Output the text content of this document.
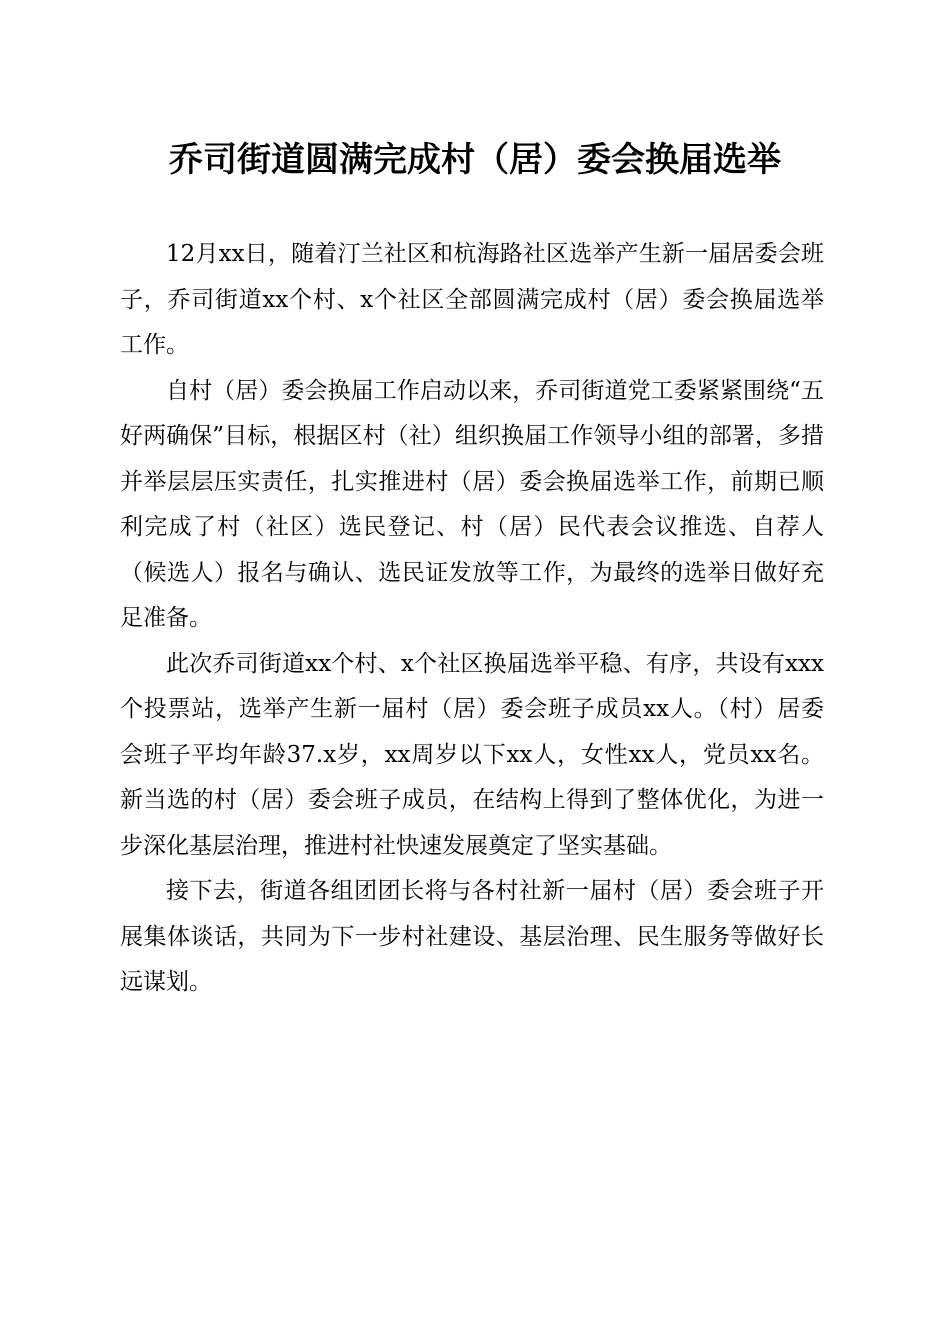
乔司街道圆满完成村（居）委会换届选举

12月xx日，随着汀兰社区和杭海路社区选举产生新一届居委会班子，乔司街道xx个村、x个社区全部圆满完成村（居）委会换届选举工作。

自村（居）委会换届工作启动以来，乔司街道党工委紧紧围绕“五好两确保”目标，根据区村（社）组织换届工作领导小组的部署，多措并举层层压实责任，扎实推进村（居）委会换届选举工作，前期已顺利完成了村（社区）选民登记、村（居）民代表会议推选、自荐人（候选人）报名与确认、选民证发放等工作，为最终的选举日做好充足准备。

此次乔司街道xx个村、x个社区换届选举平稳、有序，共设有xxx个投票站，选举产生新一届村（居）委会班子成员xx人。（村）居委会班子平均年龄37.x岁，xx周岁以下xx人，女性xx人，党员xx名。新当选的村（居）委会班子成员，在结构上得到了整体优化，为进一步深化基层治理，推进村社快速发展奠定了坚实基础。

接下去，街道各组团团长将与各村社新一届村（居）委会班子开展集体谈话，共同为下一步村社建设、基层治理、民生服务等做好长远谋划。
